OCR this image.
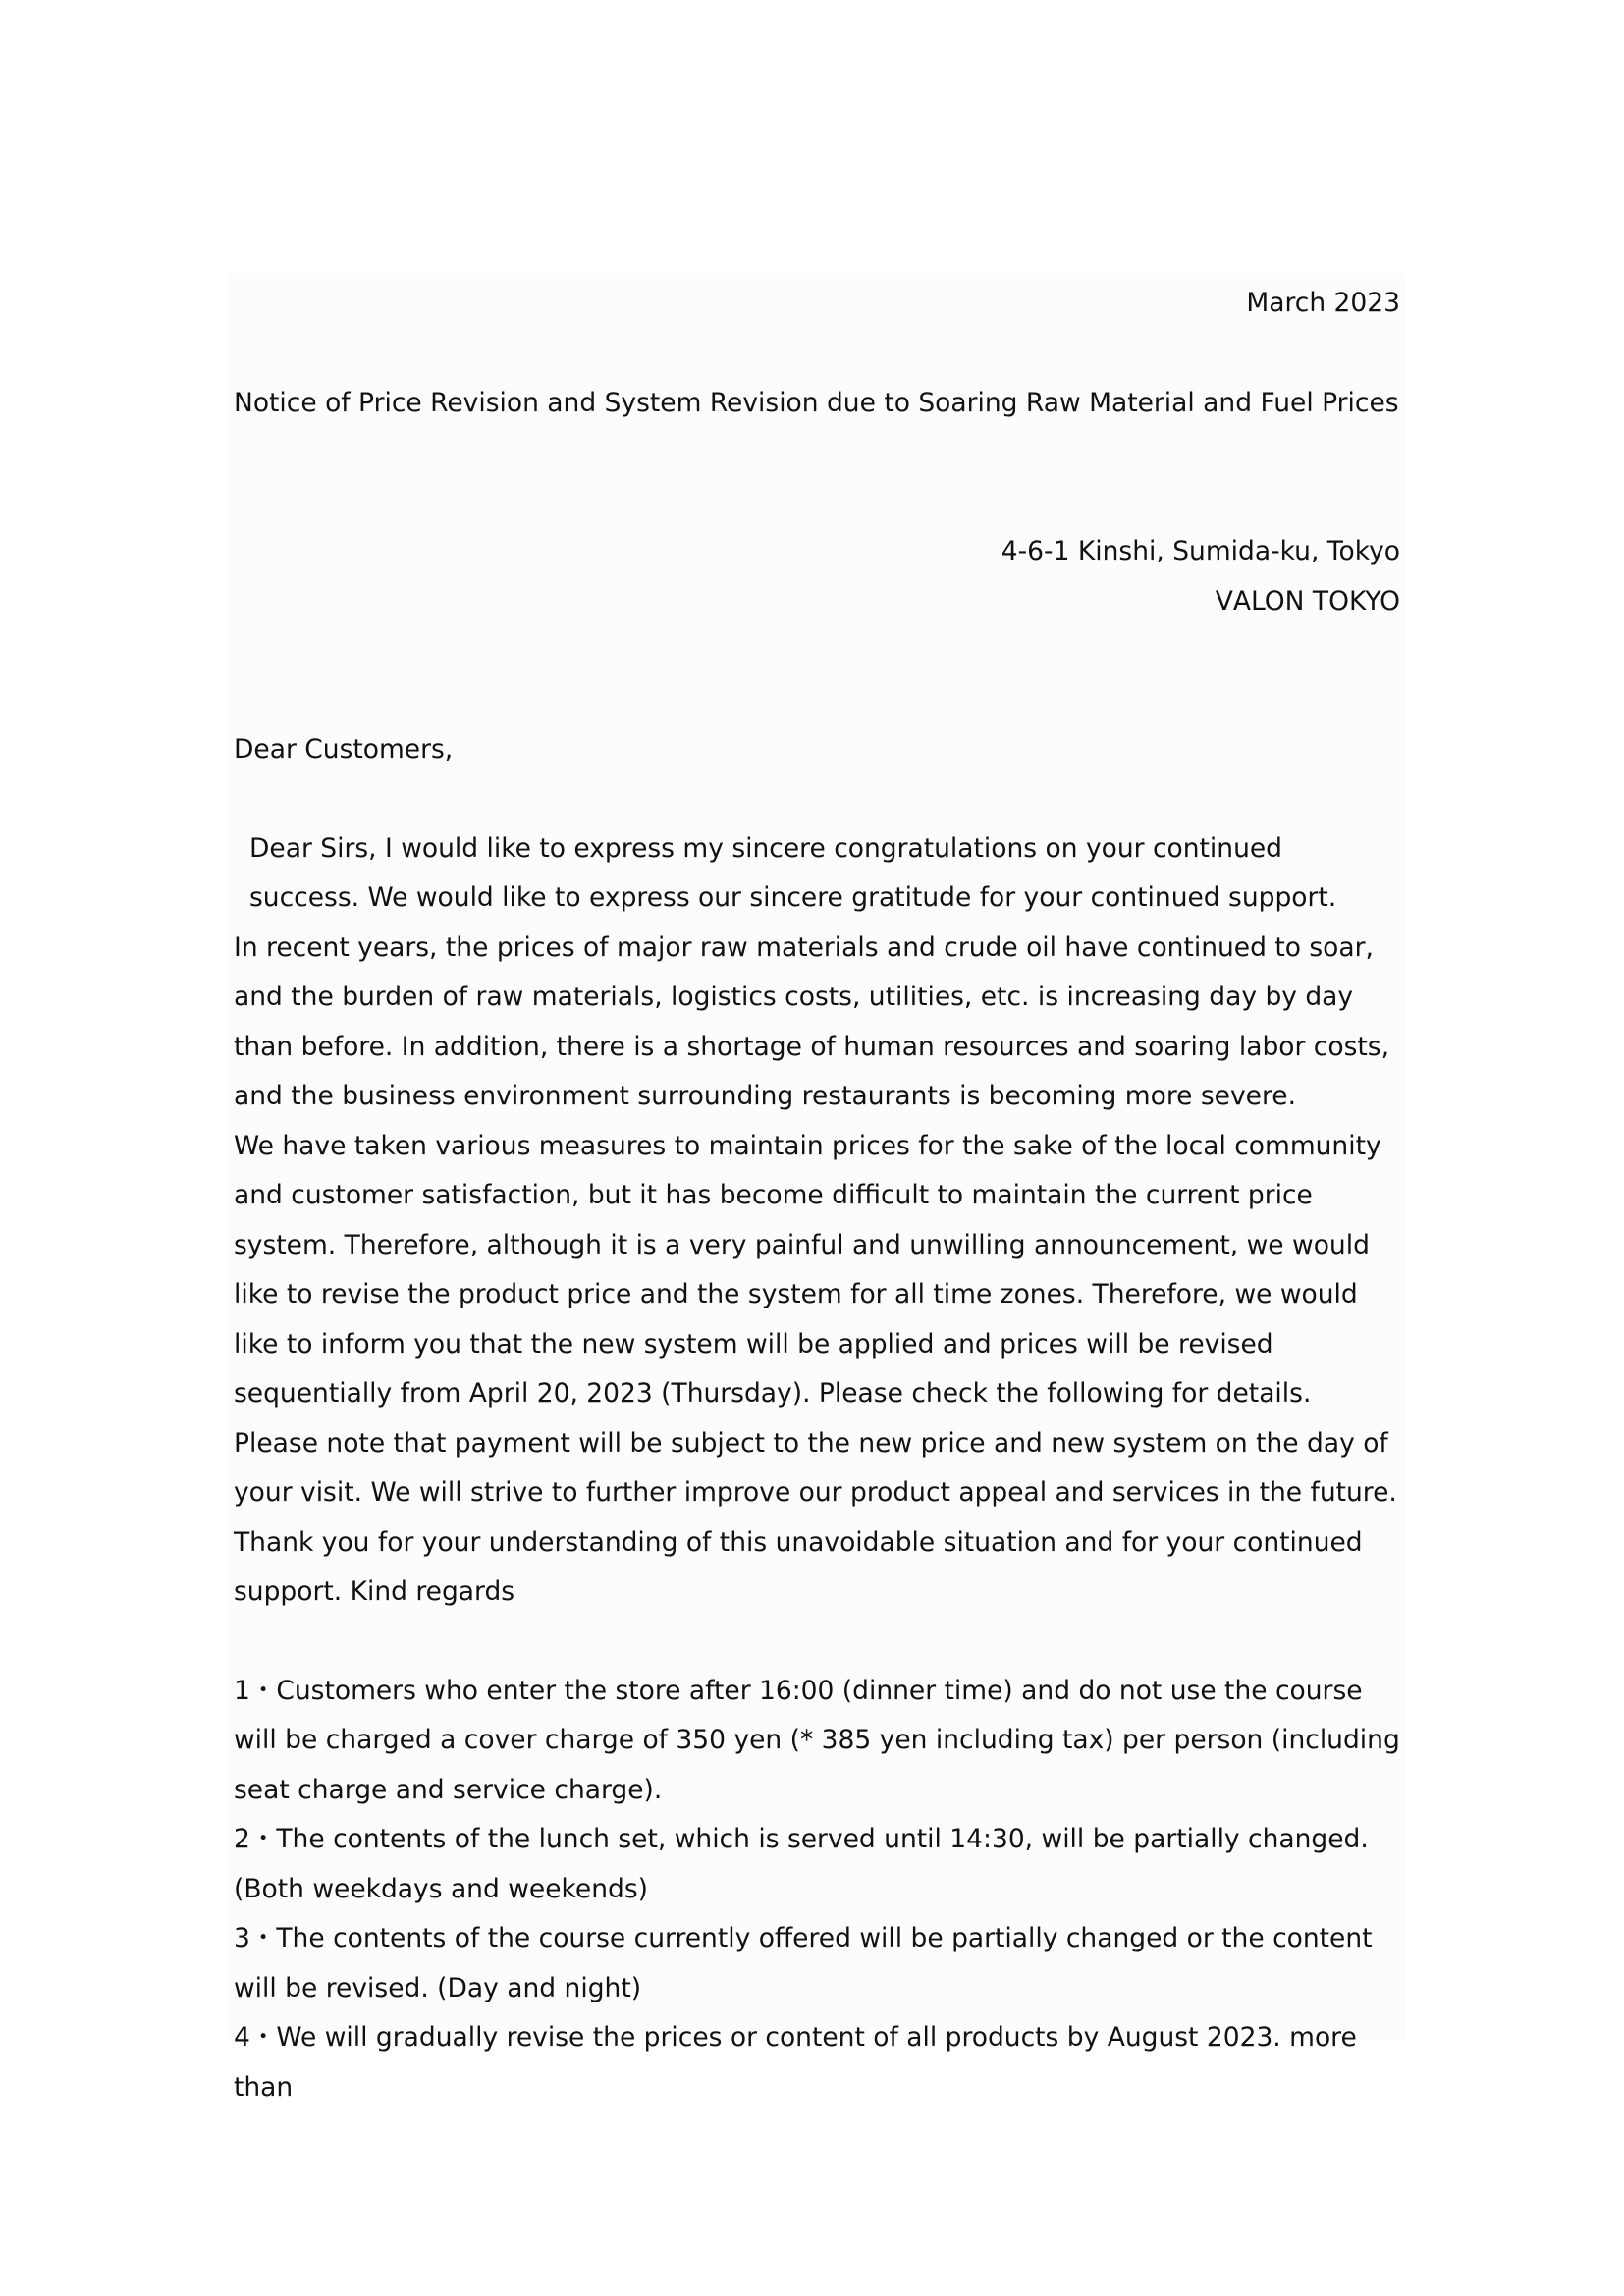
March 2023

Notice of Price Revision and System Revision due to Soaring Raw Material and Fuel Prices

4-6-1 Kinshi, Sumida-ku, Tokyo

ⅤALON TOKYO

Dear Customers,

Dear Sirs, I would like to express my sincere congratulations on your continued success. We would like to express our sincere gratitude for your continued support.

In recent years, the prices of major raw materials and crude oil have continued to soar, and the burden of raw materials, logistics costs, utilities, etc. is increasing day by day than before. In addition, there is a shortage of human resources and soaring labor costs, and the business environment surrounding restaurants is becoming more severe.

We have taken various measures to maintain prices for the sake of the local community and customer satisfaction, but it has become difficult to maintain the current price system. Therefore, although it is a very painful and unwilling announcement, we would like to revise the product price and the system for all time zones. Therefore, we would like to inform you that the new system will be applied and prices will be revised sequentially from April 20, 2023 (Thursday). Please check the following for details. Please note that payment will be subject to the new price and new system on the day of your visit. We will strive to further improve our product appeal and services in the future. Thank you for your understanding of this unavoidable situation and for your continued support. Kind regards

1・Customers who enter the store after 16:00 (dinner time) and do not use the course will be charged a cover charge of 350 yen (* 385 yen including tax) per person (including seat charge and service charge).

2・The contents of the lunch set, which is served until 14:30, will be partially changed. (Both weekdays and weekends)

3・The contents of the course currently offered will be partially changed or the content will be revised. (Day and night)

4・We will gradually revise the prices or content of all products by August 2023. more than
